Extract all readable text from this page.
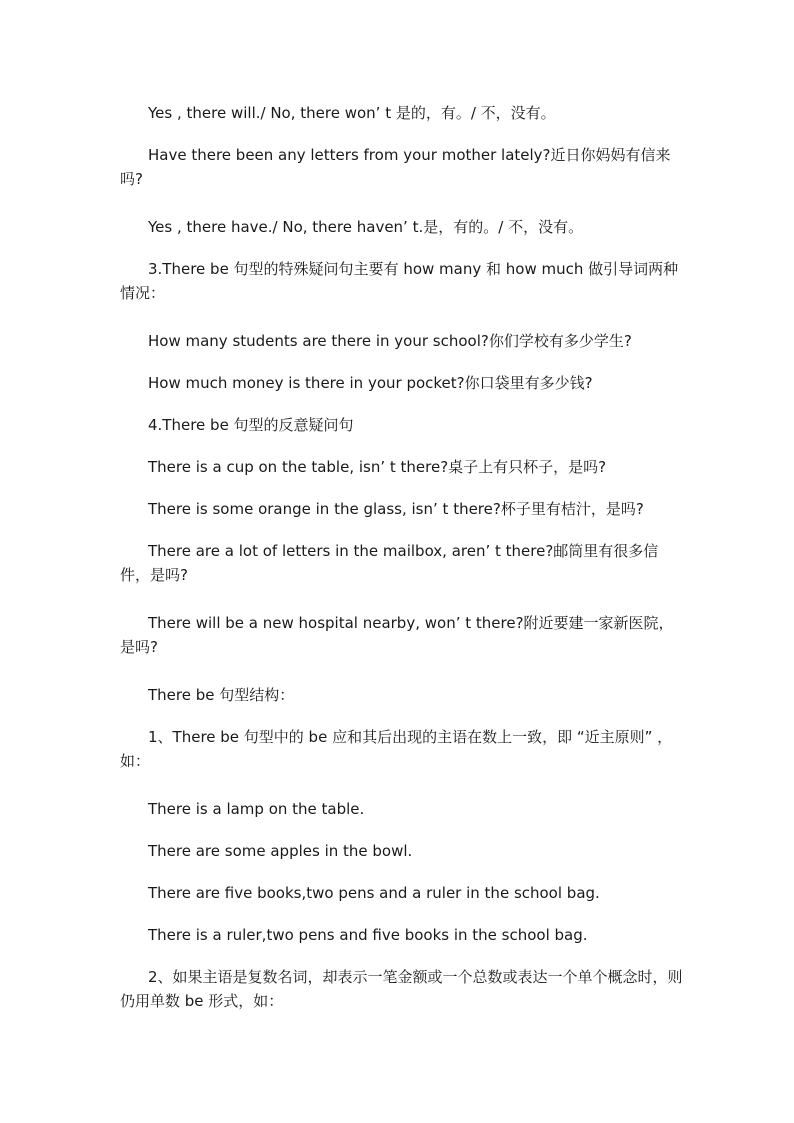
Yes , there will./ No, there won’ t 是的，有。/ 不，没有。

Have there been any letters from your mother lately?近日你妈妈有信来吗?

Yes , there have./ No, there haven’ t.是，有的。/ 不，没有。

3.There be 句型的特殊疑问句主要有 how many 和 how much 做引导词两种情况：

How many students are there in your school?你们学校有多少学生?

How much money is there in your pocket?你口袋里有多少钱?

4.There be 句型的反意疑问句

There is a cup on the table, isn’ t there?桌子上有只杯子，是吗?

There is some orange in the glass, isn’ t there?杯子里有桔汁，是吗?

There are a lot of letters in the mailbox, aren’ t there?邮筒里有很多信件，是吗?

There will be a new hospital nearby, won’ t there?附近要建一家新医院，是吗?

There be 句型结构：

1、There be 句型中的 be 应和其后出现的主语在数上一致，即 “近主原则” ，如：

There is a lamp on the table.

There are some apples in the bowl.

There are five books,two pens and a ruler in the school bag.

There is a ruler,two pens and five books in the school bag.

2、如果主语是复数名词，却表示一笔金额或一个总数或表达一个单个概念时，则仍用单数 be 形式，如：
